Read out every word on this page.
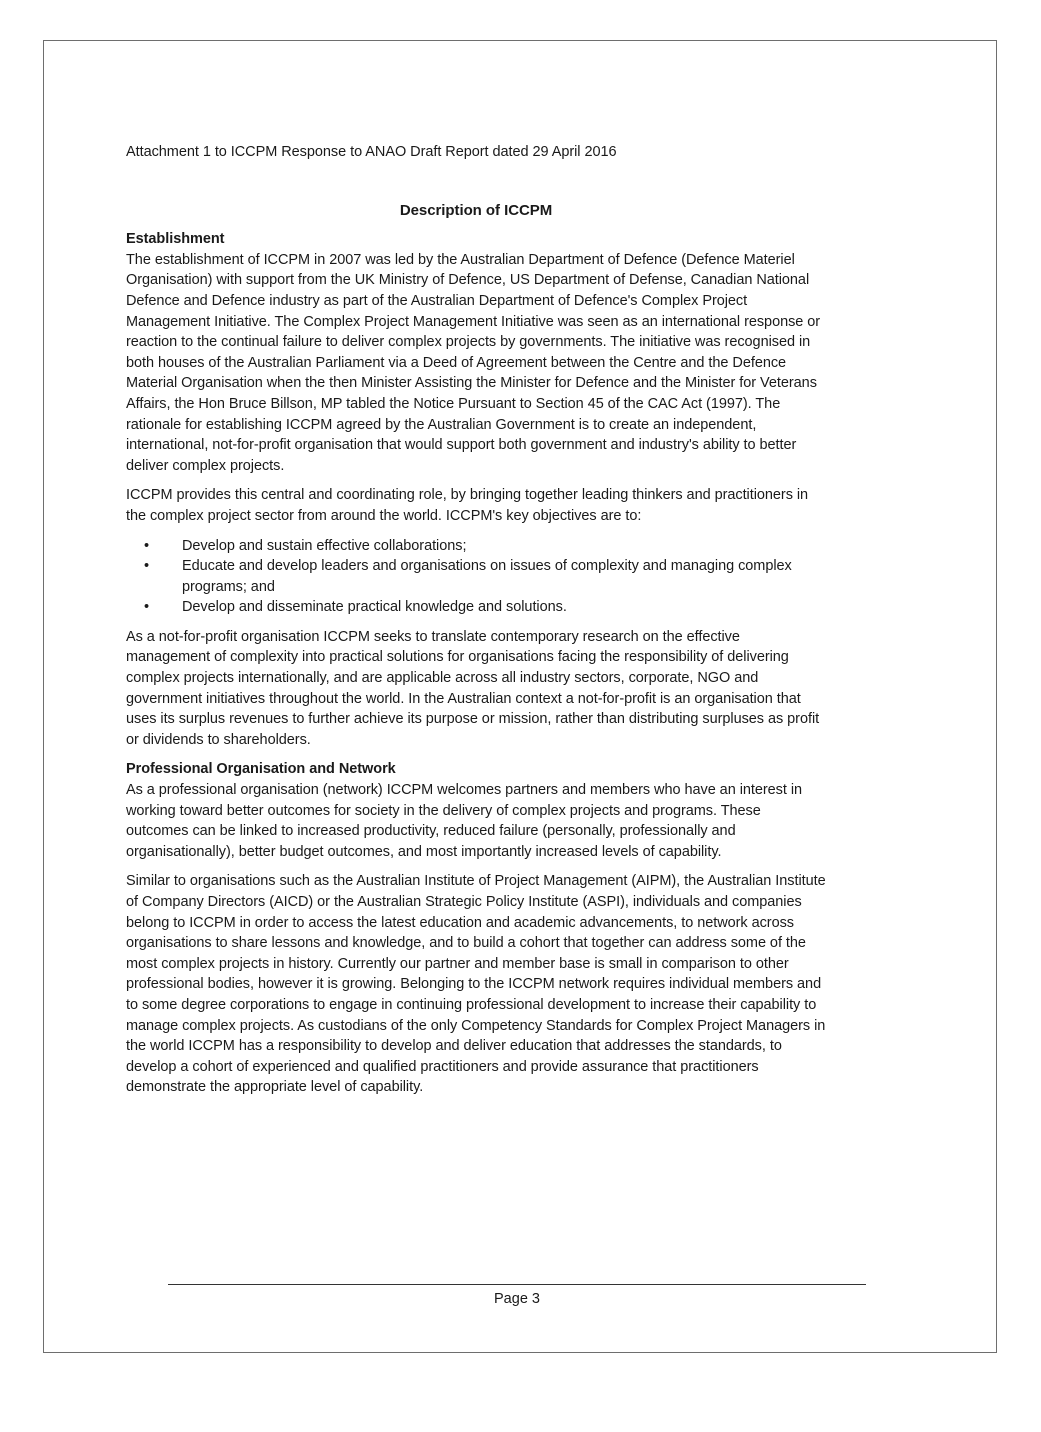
Attachment 1 to ICCPM Response to ANAO Draft Report dated 29 April 2016
Description of ICCPM
Establishment

The establishment of ICCPM in 2007 was led by the Australian Department of Defence (Defence Materiel Organisation) with support from the UK Ministry of Defence, US Department of Defense, Canadian National Defence and Defence industry as part of the Australian Department of Defence's Complex Project Management Initiative. The Complex Project Management Initiative was seen as an international response or reaction to the continual failure to deliver complex projects by governments. The initiative was recognised in both houses of the Australian Parliament via a Deed of Agreement between the Centre and the Defence Material Organisation when the then Minister Assisting the Minister for Defence and the Minister for Veterans Affairs, the Hon Bruce Billson, MP tabled the Notice Pursuant to Section 45 of the CAC Act (1997). The rationale for establishing ICCPM agreed by the Australian Government is to create an independent, international, not-for-profit organisation that would support both government and industry's ability to better deliver complex projects.

ICCPM provides this central and coordinating role, by bringing together leading thinkers and practitioners in the complex project sector from around the world. ICCPM's key objectives are to:

• Develop and sustain effective collaborations;
• Educate and develop leaders and organisations on issues of complexity and managing complex programs; and
• Develop and disseminate practical knowledge and solutions.

As a not-for-profit organisation ICCPM seeks to translate contemporary research on the effective management of complexity into practical solutions for organisations facing the responsibility of delivering complex projects internationally, and are applicable across all industry sectors, corporate, NGO and government initiatives throughout the world. In the Australian context a not-for-profit is an organisation that uses its surplus revenues to further achieve its purpose or mission, rather than distributing surpluses as profit or dividends to shareholders.

Professional Organisation and Network

As a professional organisation (network) ICCPM welcomes partners and members who have an interest in working toward better outcomes for society in the delivery of complex projects and programs. These outcomes can be linked to increased productivity, reduced failure (personally, professionally and organisationally), better budget outcomes, and most importantly increased levels of capability.

Similar to organisations such as the Australian Institute of Project Management (AIPM), the Australian Institute of Company Directors (AICD) or the Australian Strategic Policy Institute (ASPI), individuals and companies belong to ICCPM in order to access the latest education and academic advancements, to network across organisations to share lessons and knowledge, and to build a cohort that together can address some of the most complex projects in history. Currently our partner and member base is small in comparison to other professional bodies, however it is growing. Belonging to the ICCPM network requires individual members and to some degree corporations to engage in continuing professional development to increase their capability to manage complex projects. As custodians of the only Competency Standards for Complex Project Managers in the world ICCPM has a responsibility to develop and deliver education that addresses the standards, to develop a cohort of experienced and qualified practitioners and provide assurance that practitioners demonstrate the appropriate level of capability.

Page 3
